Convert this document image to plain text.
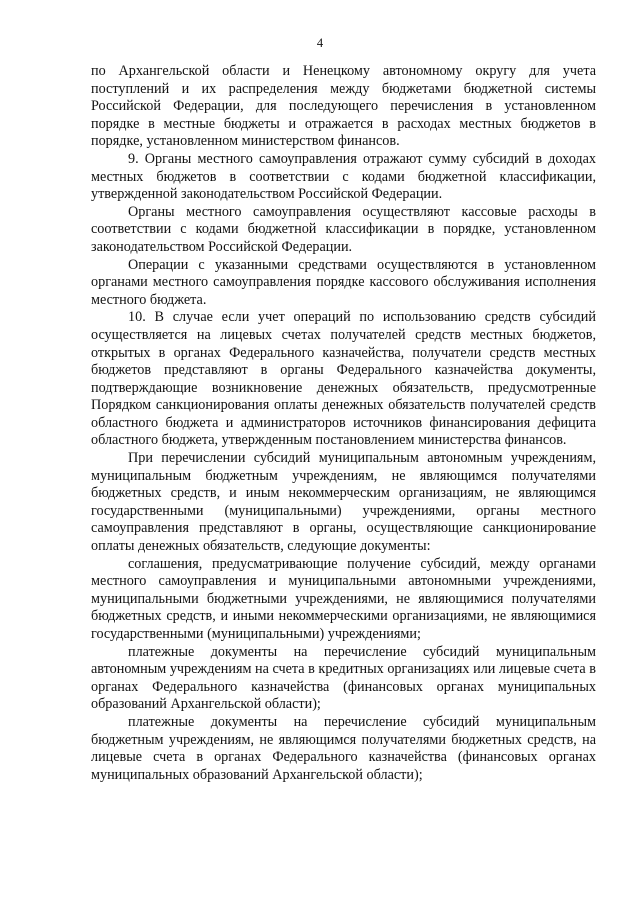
4

по Архангельской области и Ненецкому автономному округу для учета поступлений и их распределения между бюджетами бюджетной системы Российской Федерации, для последующего перечисления в установленном порядке в местные бюджеты и отражается в расходах местных бюджетов в порядке, установленном министерством финансов.

9. Органы местного самоуправления отражают сумму субсидий в доходах местных бюджетов в соответствии с кодами бюджетной классификации, утвержденной законодательством Российской Федерации.

Органы местного самоуправления осуществляют кассовые расходы в соответствии с кодами бюджетной классификации в порядке, установленном законодательством Российской Федерации.

Операции с указанными средствами осуществляются в установленном органами местного самоуправления порядке кассового обслуживания исполнения местного бюджета.

10. В случае если учет операций по использованию средств субсидий осуществляется на лицевых счетах получателей средств местных бюджетов, открытых в органах Федерального казначейства, получатели средств местных бюджетов представляют в органы Федерального казначейства документы, подтверждающие возникновение денежных обязательств, предусмотренные Порядком санкционирования оплаты денежных обязательств получателей средств областного бюджета и администраторов источников финансирования дефицита областного бюджета, утвержденным постановлением министерства финансов.

При перечислении субсидий муниципальным автономным учреждениям, муниципальным бюджетным учреждениям, не являющимся получателями бюджетных средств, и иным некоммерческим организациям, не являющимся государственными (муниципальными) учреждениями, органы местного самоуправления представляют в органы, осуществляющие санкционирование оплаты денежных обязательств, следующие документы:

соглашения, предусматривающие получение субсидий, между органами местного самоуправления и муниципальными автономными учреждениями, муниципальными бюджетными учреждениями, не являющимися получателями бюджетных средств, и иными некоммерческими организациями, не являющимися государственными (муниципальными) учреждениями;

платежные документы на перечисление субсидий муниципальным автономным учреждениям на счета в кредитных организациях или лицевые счета в органах Федерального казначейства (финансовых органах муниципальных образований Архангельской области);

платежные документы на перечисление субсидий муниципальным бюджетным учреждениям, не являющимся получателями бюджетных средств, на лицевые счета в органах Федерального казначейства (финансовых органах муниципальных образований Архангельской области);
